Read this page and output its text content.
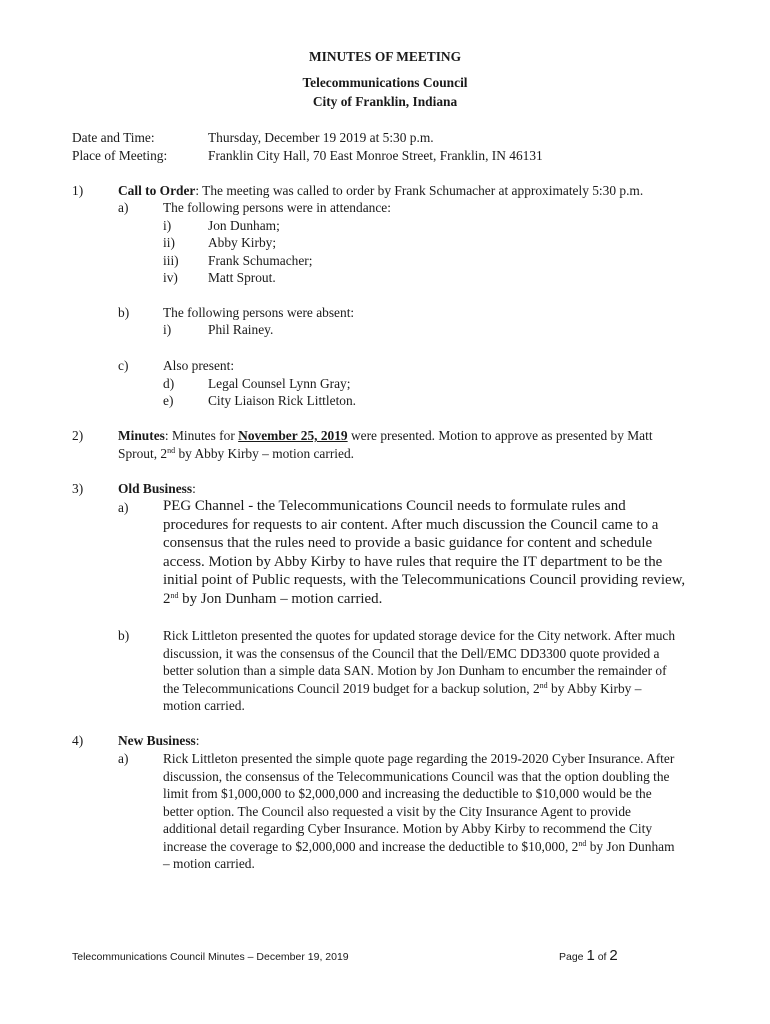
MINUTES OF MEETING
Telecommunications Council
City of Franklin, Indiana
Date and Time:	Thursday, December 19 2019 at 5:30 p.m.
Place of Meeting:	Franklin City Hall, 70 East Monroe Street, Franklin, IN 46131
1)	Call to Order: The meeting was called to order by Frank Schumacher at approximately 5:30 p.m.
a)	The following persons were in attendance:
i)	Jon Dunham;
ii) Abby Kirby;
iii) Frank Schumacher;
iv) Matt Sprout.
b)	The following persons were absent:
i)	Phil Rainey.
c)	Also present:
d)	Legal Counsel Lynn Gray;
e)	City Liaison Rick Littleton.
2)	Minutes: Minutes for November 25, 2019 were presented. Motion to approve as presented by Matt
Sprout, 2nd by Abby Kirby – motion carried.
3)	Old Business:
a) PEG Channel - the Telecommunications Council needs to formulate rules and
procedures for requests to air content. After much discussion the Council came to a
consensus that the rules need to provide a basic guidance for content and schedule
access. Motion by Abby Kirby to have rules that require the IT department to be the
initial point of Public requests, with the Telecommunications Council providing review,
2nd by Jon Dunham – motion carried.
b)	Rick Littleton presented the quotes for updated storage device for the City network. After much
discussion, it was the consensus of the Council that the Dell/EMC DD3300 quote provided a
better solution than a simple data SAN. Motion by Jon Dunham to encumber the remainder of
the Telecommunications Council 2019 budget for a backup solution, 2nd by Abby Kirby –
motion carried.
4)	New Business:
a)	Rick Littleton presented the simple quote page regarding the 2019-2020 Cyber Insurance. After
discussion, the consensus of the Telecommunications Council was that the option doubling the
limit from $1,000,000 to $2,000,000 and increasing the deductible to $10,000 would be the
better option. The Council also requested a visit by the City Insurance Agent to provide
additional detail regarding Cyber Insurance. Motion by Abby Kirby to recommend the City
increase the coverage to $2,000,000 and increase the deductible to $10,000, 2nd by Jon Dunham
– motion carried.
Telecommunications Council Minutes – December 19, 2019	Page 1 of 2
